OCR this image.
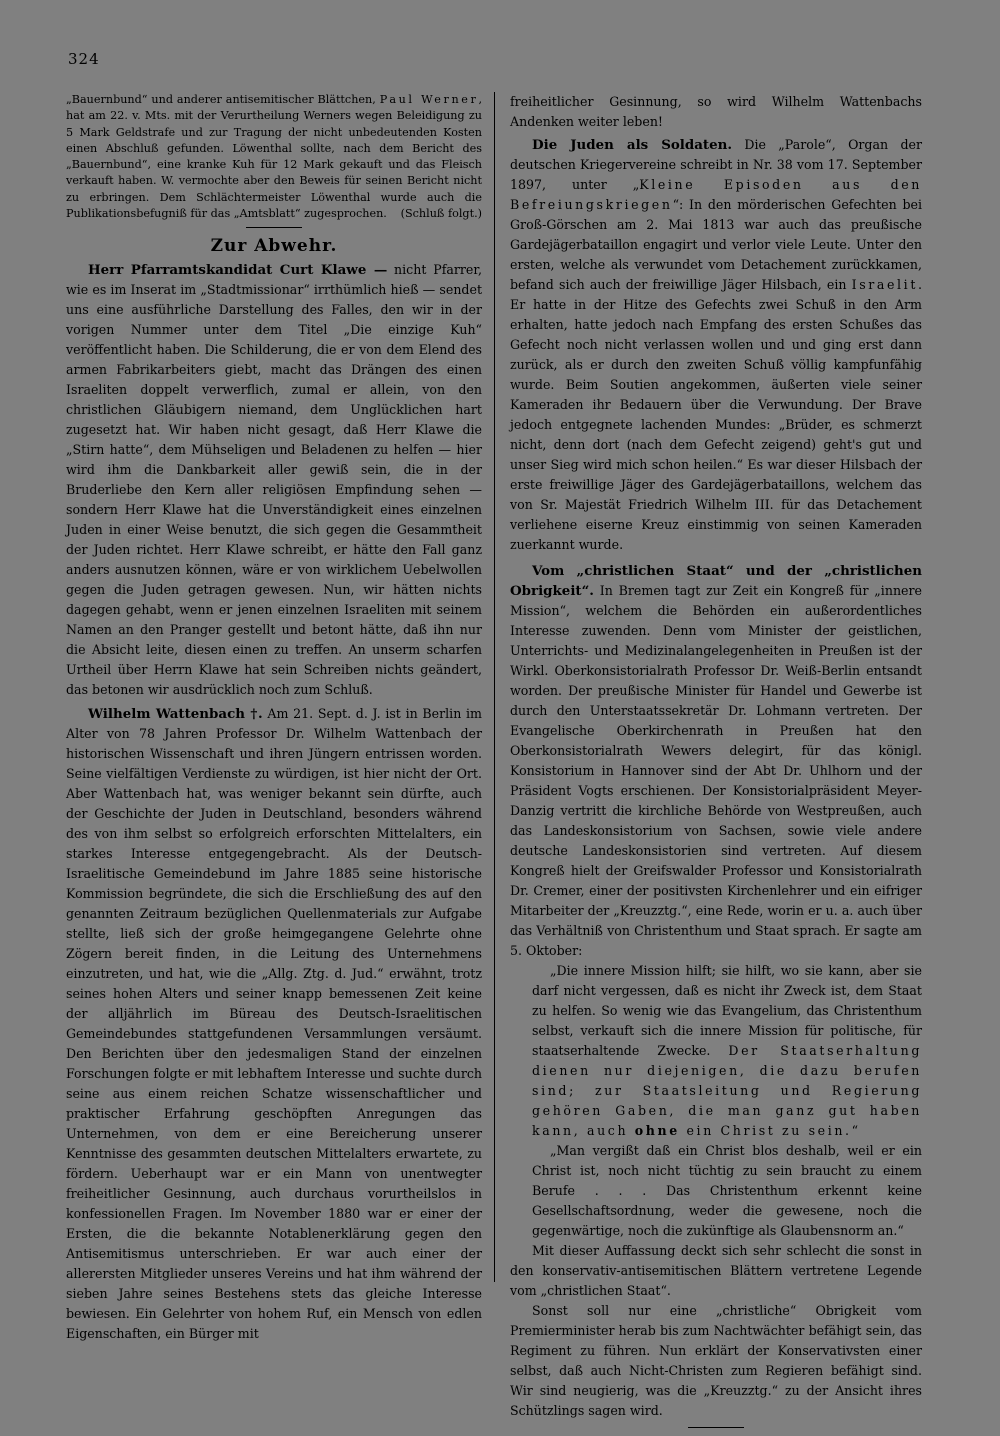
324

„Bauernbund“ und anderer antisemitischer Blättchen, Paul Werner, hat am 22. v. Mts. mit der Verurtheilung Werners wegen Beleidigung zu 5 Mark Geldstrafe und zur Tragung der nicht unbedeutenden Kosten einen Abschluß gefunden. Löwenthal sollte, nach dem Bericht des „Bauernbund“, eine kranke Kuh für 12 Mark gekauft und das Fleisch verkauft haben. W. vermochte aber den Beweis für seinen Bericht nicht zu erbringen. Dem Schlächtermeister Löwenthal wurde auch die Publikationsbefugniß für das „Amtsblatt“ zugesprochen. (Schluß folgt.)

Zur Abwehr.

Herr Pfarramtskandidat Curt Klawe — nicht Pfarrer, wie es im Inserat im „Stadtmissionar“ irrthümlich hieß — sendet uns eine ausführliche Darstellung des Falles, den wir in der vorigen Nummer unter dem Titel „Die einzige Kuh“ veröffentlicht haben. Die Schilderung, die er von dem Elend des armen Fabrikarbeiters giebt, macht das Drängen des einen Israeliten doppelt verwerflich, zumal er allein, von den christlichen Gläubigern niemand, dem Unglücklichen hart zugesetzt hat. Wir haben nicht gesagt, daß Herr Klawe die „Stirn hatte“, dem Mühseligen und Beladenen zu helfen — hier wird ihm die Dankbarkeit aller gewiß sein, die in der Bruderliebe den Kern aller religiösen Empfindung sehen — sondern Herr Klawe hat die Unverständigkeit eines einzelnen Juden in einer Weise benutzt, die sich gegen die Gesammtheit der Juden richtet. Herr Klawe schreibt, er hätte den Fall ganz anders ausnutzen können, wäre er von wirklichem Uebelwollen gegen die Juden getragen gewesen. Nun, wir hätten nichts dagegen gehabt, wenn er jenen einzelnen Israeliten mit seinem Namen an den Pranger gestellt und betont hätte, daß ihn nur die Absicht leite, diesen einen zu treffen. An unserm scharfen Urtheil über Herrn Klawe hat sein Schreiben nichts geändert, das betonen wir ausdrücklich noch zum Schluß.

Wilhelm Wattenbach †. Am 21. Sept. d. J. ist in Berlin im Alter von 78 Jahren Professor Dr. Wilhelm Wattenbach der historischen Wissenschaft und ihren Jüngern entrissen worden. Seine vielfältigen Verdienste zu würdigen, ist hier nicht der Ort. Aber Wattenbach hat, was weniger bekannt sein dürfte, auch der Geschichte der Juden in Deutschland, besonders während des von ihm selbst so erfolgreich erforschten Mittelalters, ein starkes Interesse entgegengebracht. Als der Deutsch-Israelitische Gemeindebund im Jahre 1885 seine historische Kommission begründete, die sich die Erschließung des auf den genannten Zeitraum bezüglichen Quellenmaterials zur Aufgabe stellte, ließ sich der große heimgegangene Gelehrte ohne Zögern bereit finden, in die Leitung des Unternehmens einzutreten, und hat, wie die „Allg. Ztg. d. Jud.“ erwähnt, trotz seines hohen Alters und seiner knapp bemessenen Zeit keine der alljährlich im Büreau des Deutsch-Israelitischen Gemeindebundes stattgefundenen Versammlungen versäumt. Den Berichten über den jedesmaligen Stand der einzelnen Forschungen folgte er mit lebhaftem Interesse und suchte durch seine aus einem reichen Schatze wissenschaftlicher und praktischer Erfahrung geschöpften Anregungen das Unternehmen, von dem er eine Bereicherung unserer Kenntnisse des gesammten deutschen Mittelalters erwartete, zu fördern. Ueberhaupt war er ein Mann von unentwegter freiheitlicher Gesinnung, auch durchaus vorurtheilslos in konfessionellen Fragen. Im November 1880 war er einer der Ersten, die die bekannte Notablenerklärung gegen den Antisemitismus unterschrieben. Er war auch einer der allerersten Mitglieder unseres Vereins und hat ihm während der sieben Jahre seines Bestehens stets das gleiche Interesse bewiesen. Ein Gelehrter von hohem Ruf, ein Mensch von edlen Eigenschaften, ein Bürger mit

freiheitlicher Gesinnung, so wird Wilhelm Wattenbachs Andenken weiter leben!

Die Juden als Soldaten. Die „Parole“, Organ der deutschen Kriegervereine schreibt in Nr. 38 vom 17. September 1897, unter „Kleine Episoden aus den Befreiungskriegen“: In den mörderischen Gefechten bei Groß-Görschen am 2. Mai 1813 war auch das preußische Gardejägerbataillon engagirt und verlor viele Leute. Unter den ersten, welche als verwundet vom Detachement zurückkamen, befand sich auch der freiwillige Jäger Hilsbach, ein Israelit. Er hatte in der Hitze des Gefechts zwei Schuß in den Arm erhalten, hatte jedoch nach Empfang des ersten Schußes das Gefecht noch nicht verlassen wollen und und ging erst dann zurück, als er durch den zweiten Schuß völlig kampfunfähig wurde. Beim Soutien angekommen, äußerten viele seiner Kameraden ihr Bedauern über die Verwundung. Der Brave jedoch entgegnete lachenden Mundes: „Brüder, es schmerzt nicht, denn dort (nach dem Gefecht zeigend) geht's gut und unser Sieg wird mich schon heilen.“ Es war dieser Hilsbach der erste freiwillige Jäger des Gardejägerbataillons, welchem das von Sr. Majestät Friedrich Wilhelm III. für das Detachement verliehene eiserne Kreuz einstimmig von seinen Kameraden zuerkannt wurde.

Vom „christlichen Staat“ und der „christlichen Obrigkeit“. In Bremen tagt zur Zeit ein Kongreß für „innere Mission“, welchem die Behörden ein außerordentliches Interesse zuwenden. Denn vom Minister der geistlichen, Unterrichts- und Medizinalangelegenheiten in Preußen ist der Wirkl. Oberkonsistorialrath Professor Dr. Weiß-Berlin entsandt worden. Der preußische Minister für Handel und Gewerbe ist durch den Unterstaatssekretär Dr. Lohmann vertreten. Der Evangelische Oberkirchenrath in Preußen hat den Oberkonsistorialrath Wewers delegirt, für das königl. Konsistorium in Hannover sind der Abt Dr. Uhlhorn und der Präsident Vogts erschienen. Der Konsistorialpräsident Meyer-Danzig vertritt die kirchliche Behörde von Westpreußen, auch das Landeskonsistorium von Sachsen, sowie viele andere deutsche Landeskonsistorien sind vertreten. Auf diesem Kongreß hielt der Greifswalder Professor und Konsistorialrath Dr. Cremer, einer der positivsten Kirchenlehrer und ein eifriger Mitarbeiter der „Kreuzztg.“, eine Rede, worin er u. a. auch über das Verhältniß von Christenthum und Staat sprach. Er sagte am 5. Oktober:

„Die innere Mission hilft; sie hilft, wo sie kann, aber sie darf nicht vergessen, daß es nicht ihr Zweck ist, dem Staat zu helfen. So wenig wie das Evangelium, das Christenthum selbst, verkauft sich die innere Mission für politische, für staatserhaltende Zwecke. Der Staatserhaltung dienen nur diejenigen, die dazu berufen sind; zur Staatsleitung und Regierung gehören Gaben, die man ganz gut haben kann, auch ohne ein Christ zu sein.“

„Man vergißt daß ein Christ blos deshalb, weil er ein Christ ist, noch nicht tüchtig zu sein braucht zu einem Berufe . . . Das Christenthum erkennt keine Gesellschaftsordnung, weder die gewesene, noch die gegenwärtige, noch die zukünftige als Glaubensnorm an.“

Mit dieser Auffassung deckt sich sehr schlecht die sonst in den konservativ-antisemitischen Blättern vertretene Legende vom „christlichen Staat“.

Sonst soll nur eine „christliche“ Obrigkeit vom Premierminister herab bis zum Nachtwächter befähigt sein, das Regiment zu führen. Nun erklärt der Konservativsten einer selbst, daß auch Nicht-Christen zum Regieren befähigt sind. Wir sind neugierig, was die „Kreuzztg.“ zu der Ansicht ihres Schützlings sagen wird.
